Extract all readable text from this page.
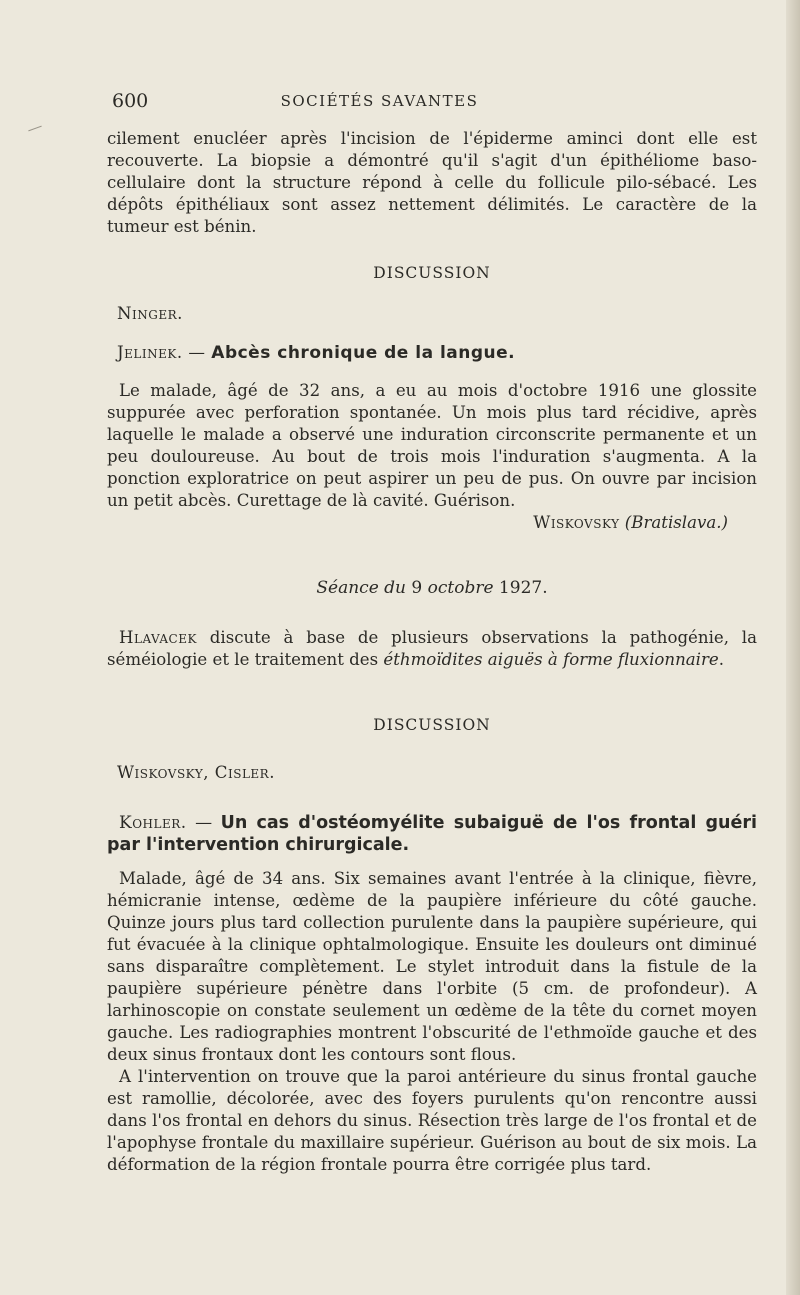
600	SOCIÉTÉS SAVANTES

cilement enucléer après l'incision de l'épiderme aminci dont elle est recouverte. La biopsie a démontré qu'il s'agit d'un épithéliome baso-cellulaire dont la structure répond à celle du follicule pilo-sébacé. Les dépôts épithéliaux sont assez nettement délimités. Le caractère de la tumeur est bénin.

DISCUSSION
Ninger.
Jelinek. — Abcès chronique de la langue.

Le malade, âgé de 32 ans, a eu au mois d'octobre 1916 une glossite suppurée avec perforation spontanée. Un mois plus tard récidive, après laquelle le malade a observé une induration circonscrite permanente et un peu douloureuse. Au bout de trois mois l'induration s'augmenta. A la ponction exploratrice on peut aspirer un peu de pus. On ouvre par incision un petit abcès. Curettage de là cavité. Guérison.

Wiskovsky (Bratislava.)
Séance du 9 octobre 1927.

Hlavacek discute à base de plusieurs observations la pathogénie, la séméiologie et le traitement des éthmoïdites aiguës à forme fluxionnaire.

DISCUSSION
Wiskovsky, Cisler.

Kohler. — Un cas d'ostéomyélite subaiguë de l'os frontal guéri par l'intervention chirurgicale.

Malade, âgé de 34 ans. Six semaines avant l'entrée à la clinique, fièvre, hémicranie intense, œdème de la paupière inférieure du côté gauche. Quinze jours plus tard collection purulente dans la paupière supérieure, qui fut évacuée à la clinique ophtalmologique. Ensuite les douleurs ont diminué sans disparaître complètement. Le stylet introduit dans la fistule de la paupière supérieure pénètre dans l'orbite (5 cm. de profondeur). A larhinoscopie on constate seulement un œdème de la tête du cornet moyen gauche. Les radiographies montrent l'obscurité de l'ethmoïde gauche et des deux sinus frontaux dont les contours sont flous.

A l'intervention on trouve que la paroi antérieure du sinus frontal gauche est ramollie, décolorée, avec des foyers purulents qu'on rencontre aussi dans l'os frontal en dehors du sinus. Résection très large de l'os frontal et de l'apophyse frontale du maxillaire supérieur. Guérison au bout de six mois. La déformation de la région frontale pourra être corrigée plus tard.
